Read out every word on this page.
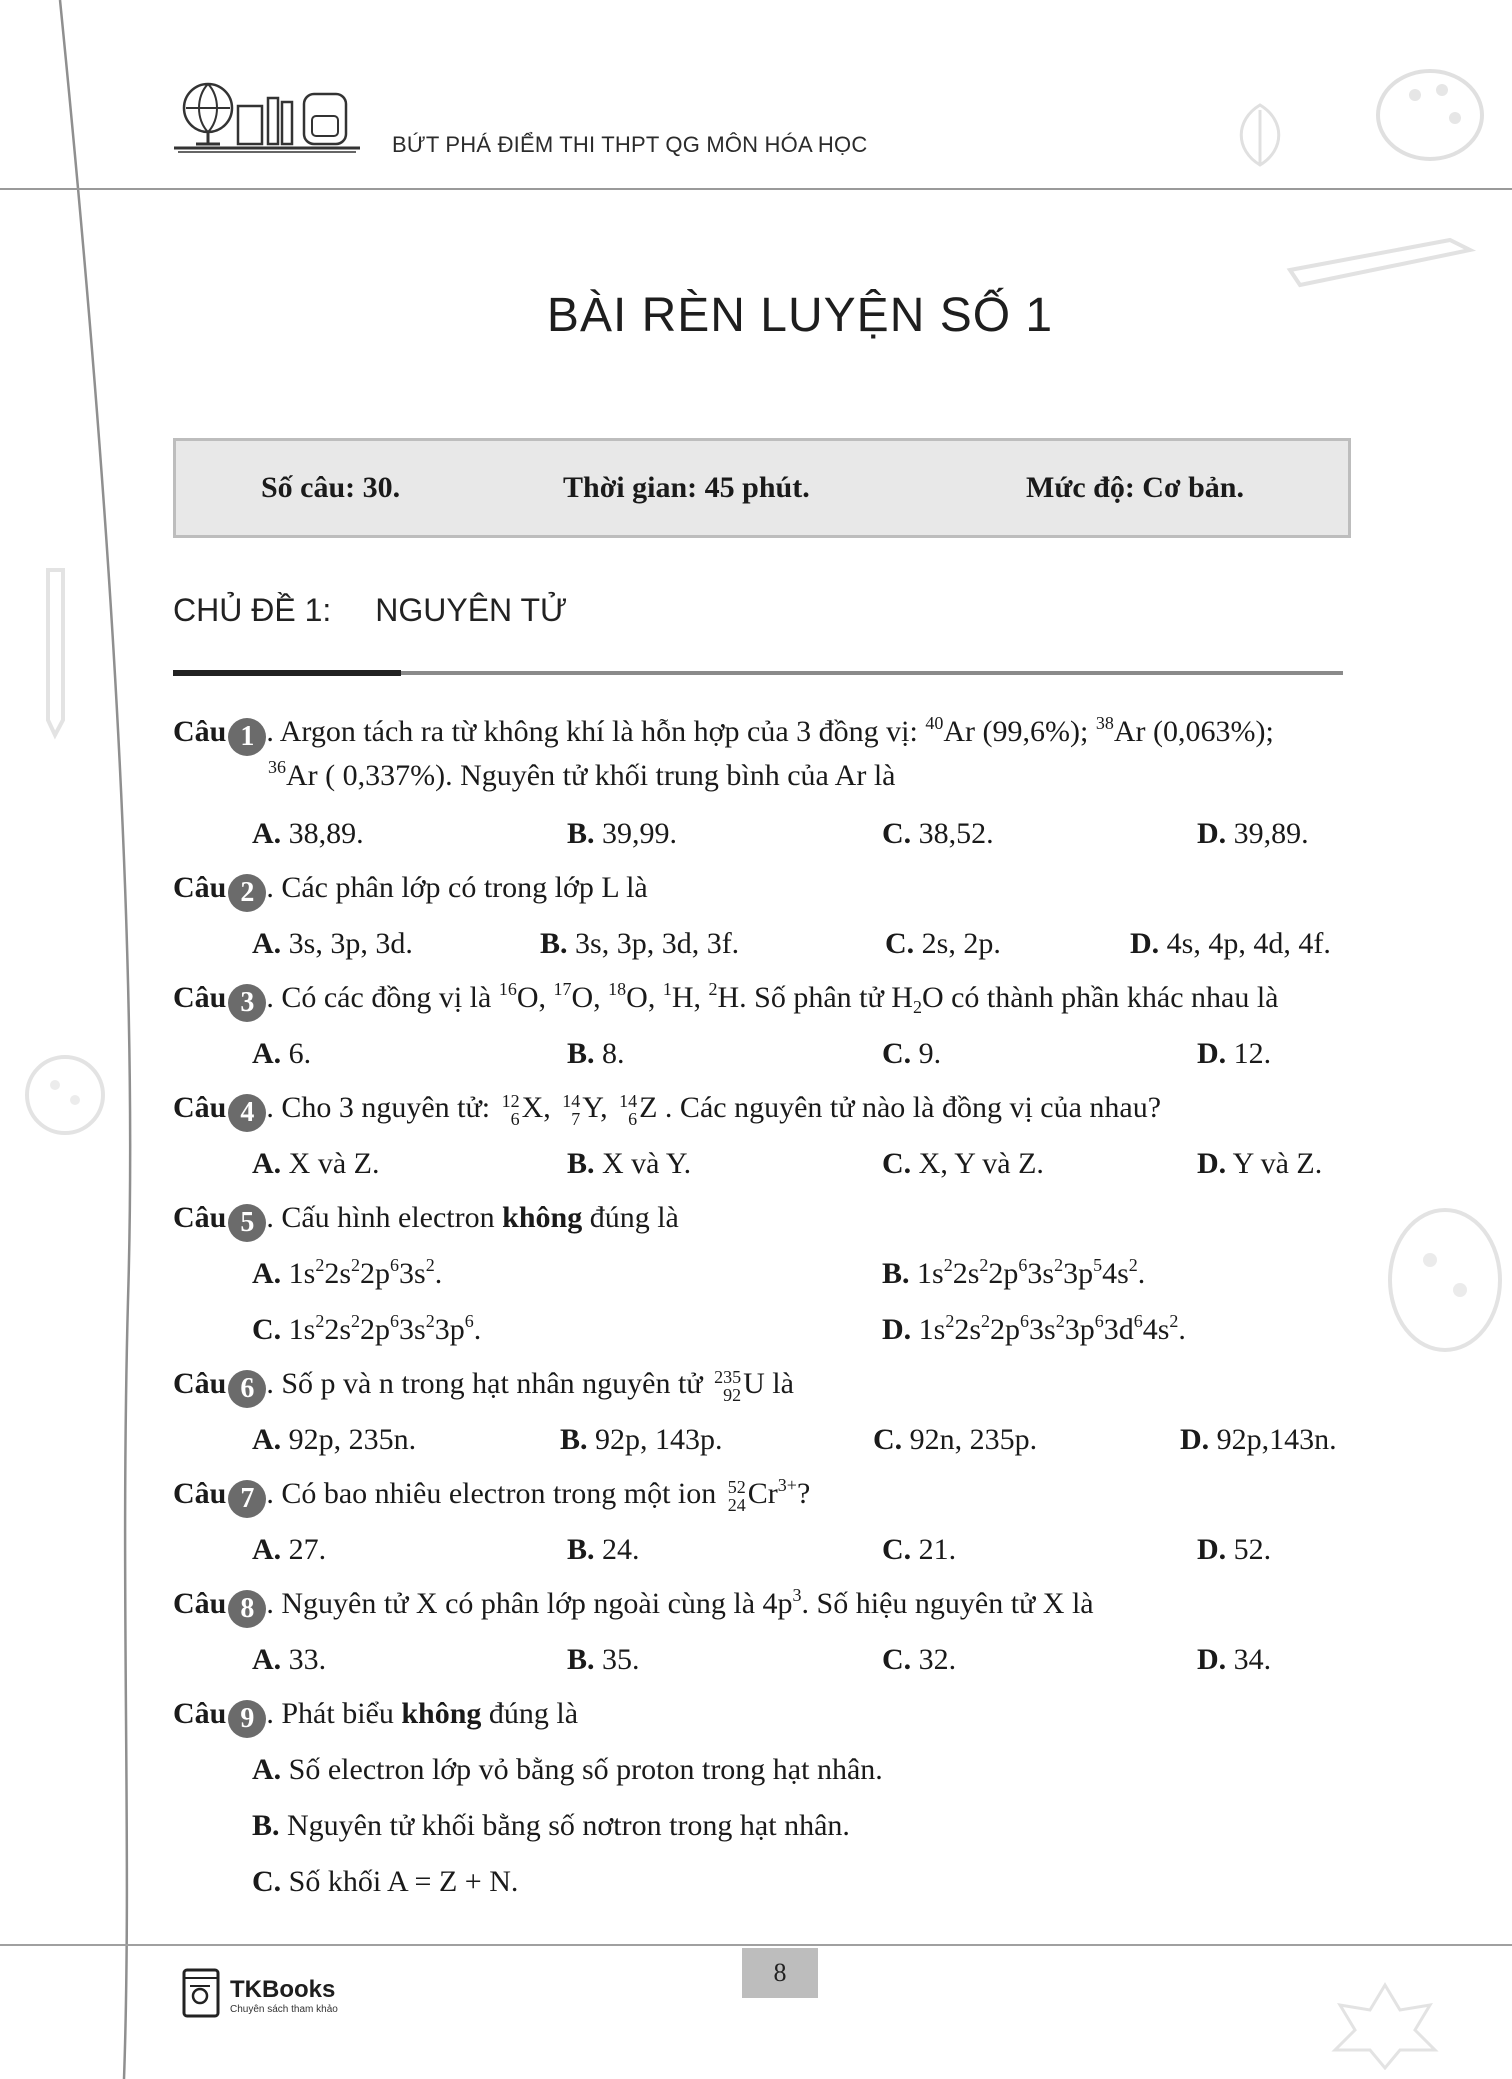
BỨT PHÁ ĐIỂM THI THPT QG MÔN HÓA HỌC
BÀI RÈN LUYỆN SỐ 1
Số câu: 30.	Thời gian: 45 phút.	Mức độ: Cơ bản.
CHỦ ĐỀ 1: NGUYÊN TỬ
Câu 1 . Argon tách ra từ không khí là hỗn hợp của 3 đồng vị: $^{40}$Ar (99,6%); $^{38}$Ar (0,063%);
$^{36}$Ar ( 0,337%). Nguyên tử khối trung bình của Ar là
A. 38,89.	B. 39,99.	C. 38,52.	D. 39,89.
Câu 2 . Các phân lớp có trong lớp L là
A. 3s, 3p, 3d.	B. 3s, 3p, 3d, 3f.	C. 2s, 2p.	D. 4s, 4p, 4d, 4f.
Câu 3 . Có các đồng vị là $^{16}$O, $^{17}$O, $^{18}$O, $^1$H, $^2$H. Số phân tử $H_2O$ có thành phần khác nhau là
A. 6.	B. 8.	C. 9.	D. 12.
Câu 4 . Cho 3 nguyên tử: 12
6 X, 14
7 Y, 14
6 Z . Các nguyên tử nào là đồng vị của nhau?
A. X và Z.	B. X và Y.	C. X, Y và Z.	D. Y và Z.
Câu 5 . Cấu hình electron không đúng là
A. $1s^22s^22p^63s^2$.	B. $1s^22s^22p^63s^23p^54s^2$.
C. $1s^22s^22p^63s^23p^6$.	D. $1s^22s^22p^63s^23p^63d^64s^2$.
Câu 6 . Số p và n trong hạt nhân nguyên tử 235
92 U là
A. 92p, 235n.	B. 92p, 143p.	C. 92n, 235p.	D. 92p,143n.
Câu 7 . Có bao nhiêu electron trong một ion 52
24 $Cr^{3+}$?
A. 27.	B. 24.	C. 21.	D. 52.
Câu 8 . Nguyên tử X có phân lớp ngoài cùng là $4p^3$. Số hiệu nguyên tử X là
A. 33.	B. 35.	C. 32.	D. 34.
Câu 9 . Phát biểu không đúng là
A. Số electron lớp vỏ bằng số proton trong hạt nhân.
B. Nguyên tử khối bằng số nơtron trong hạt nhân.
C. Số khối A = Z + N.
8
TKBooks
Chuyên sách tham khảo
